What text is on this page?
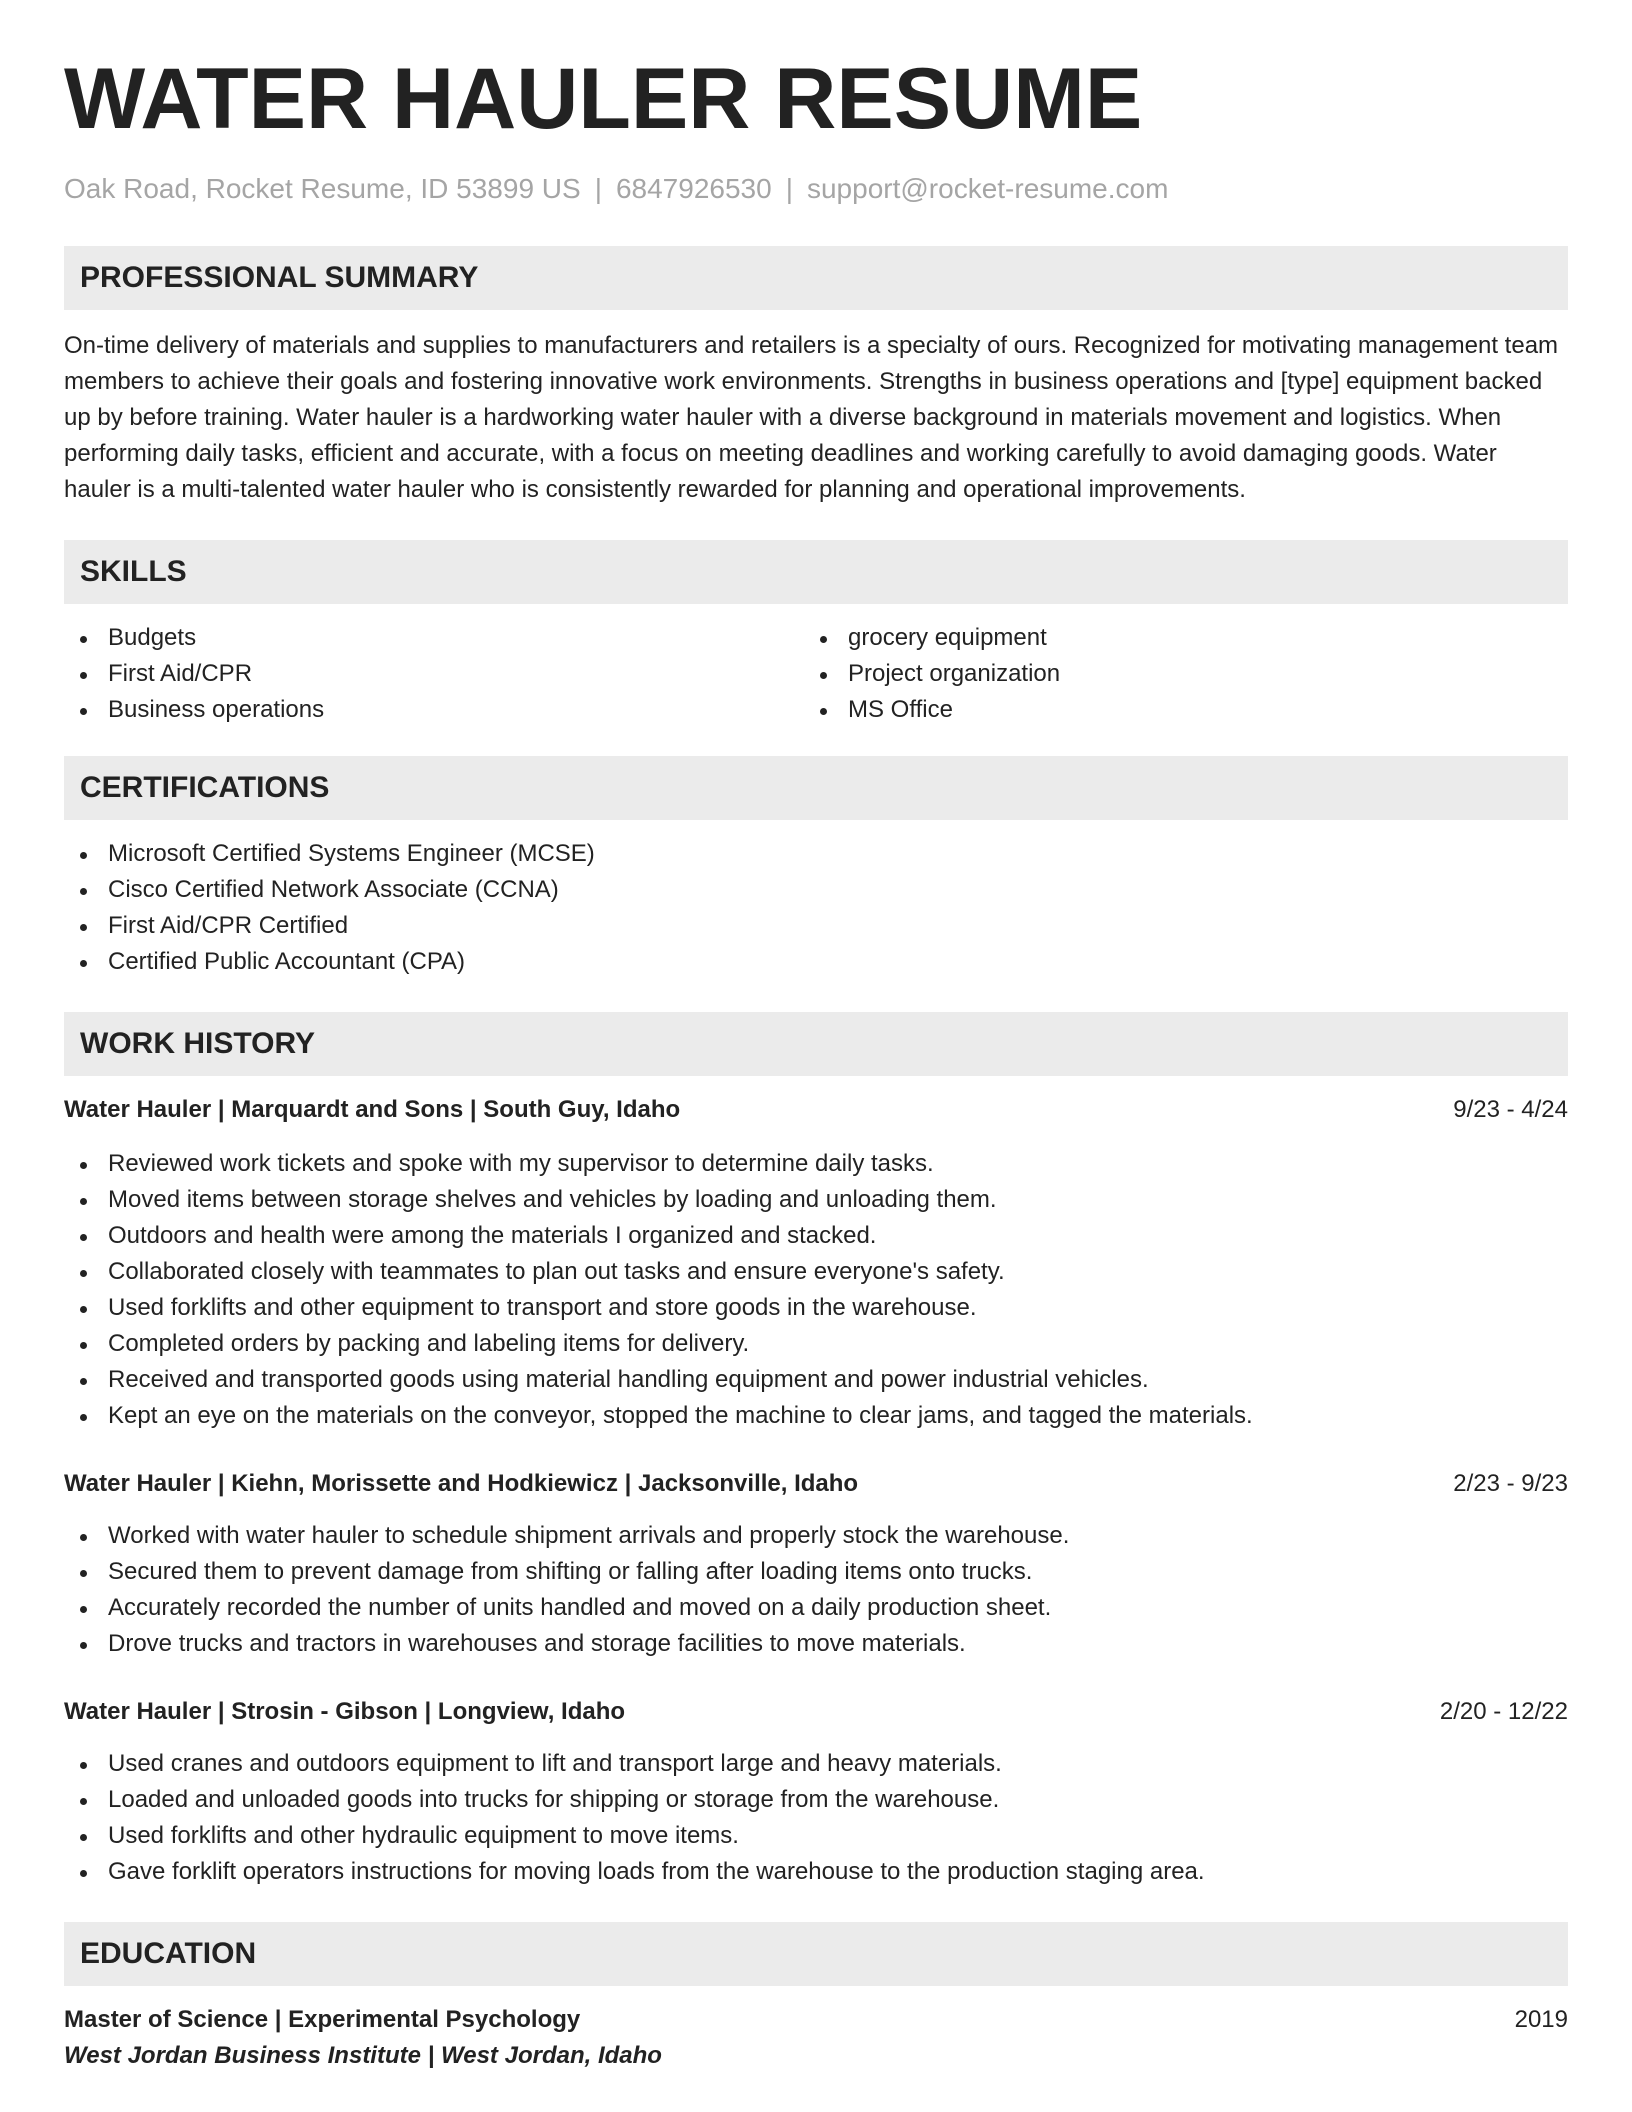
WATER HAULER RESUME
Oak Road, Rocket Resume, ID 53899 US | 6847926530 | support@rocket-resume.com
PROFESSIONAL SUMMARY

On-time delivery of materials and supplies to manufacturers and retailers is a specialty of ours. Recognized for motivating management team members to achieve their goals and fostering innovative work environments. Strengths in business operations and [type] equipment backed up by before training. Water hauler is a hardworking water hauler with a diverse background in materials movement and logistics. When performing daily tasks, efficient and accurate, with a focus on meeting deadlines and working carefully to avoid damaging goods. Water hauler is a multi-talented water hauler who is consistently rewarded for planning and operational improvements.

SKILLS
Budgets
First Aid/CPR
Business operations
grocery equipment
Project organization
MS Office
CERTIFICATIONS
Microsoft Certified Systems Engineer (MCSE)
Cisco Certified Network Associate (CCNA)
First Aid/CPR Certified
Certified Public Accountant (CPA)
WORK HISTORY
Water Hauler | Marquardt and Sons | South Guy, Idaho	9/23 - 4/24
Reviewed work tickets and spoke with my supervisor to determine daily tasks.
Moved items between storage shelves and vehicles by loading and unloading them.
Outdoors and health were among the materials I organized and stacked.
Collaborated closely with teammates to plan out tasks and ensure everyone's safety.
Used forklifts and other equipment to transport and store goods in the warehouse.
Completed orders by packing and labeling items for delivery.
Received and transported goods using material handling equipment and power industrial vehicles.
Kept an eye on the materials on the conveyor, stopped the machine to clear jams, and tagged the materials.
Water Hauler | Kiehn, Morissette and Hodkiewicz | Jacksonville, Idaho	2/23 - 9/23
Worked with water hauler to schedule shipment arrivals and properly stock the warehouse.
Secured them to prevent damage from shifting or falling after loading items onto trucks.
Accurately recorded the number of units handled and moved on a daily production sheet.
Drove trucks and tractors in warehouses and storage facilities to move materials.
Water Hauler | Strosin - Gibson | Longview, Idaho	2/20 - 12/22
Used cranes and outdoors equipment to lift and transport large and heavy materials.
Loaded and unloaded goods into trucks for shipping or storage from the warehouse.
Used forklifts and other hydraulic equipment to move items.
Gave forklift operators instructions for moving loads from the warehouse to the production staging area.
EDUCATION
Master of Science | Experimental Psychology	2019
West Jordan Business Institute | West Jordan, Idaho
